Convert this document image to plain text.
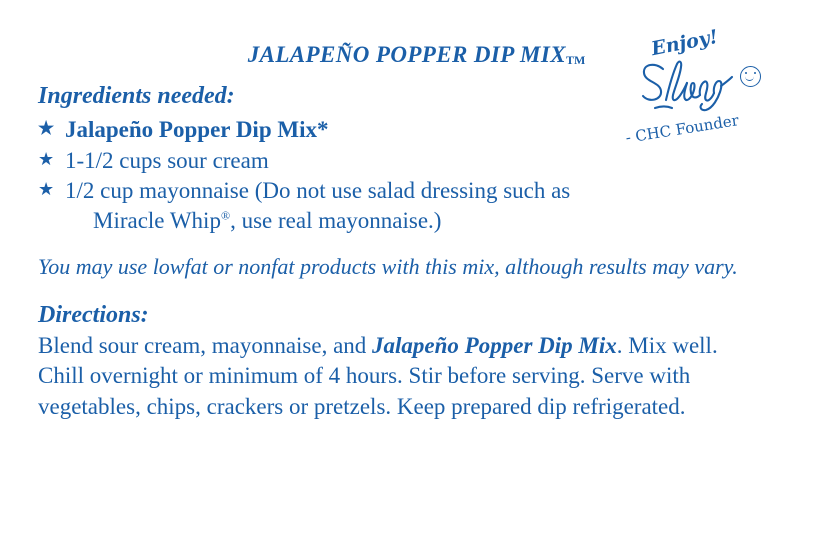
JALAPEÑO POPPER DIP MIXTM	Enjoy!
- CHC Founder

Ingredients needed:

★ Jalapeño Popper Dip Mix*
★ 1-1/2 cups sour cream
★ 1/2 cup mayonnaise (Do not use salad dressing such as
Miracle Whip®, use real mayonnaise.)

You may use lowfat or nonfat products with this mix, although results may vary.

Directions:

Blend sour cream, mayonnaise, and Jalapeño Popper Dip Mix. Mix well. Chill overnight or minimum of 4 hours. Stir before serving. Serve with vegetables, chips, crackers or pretzels. Keep prepared dip refrigerated.
